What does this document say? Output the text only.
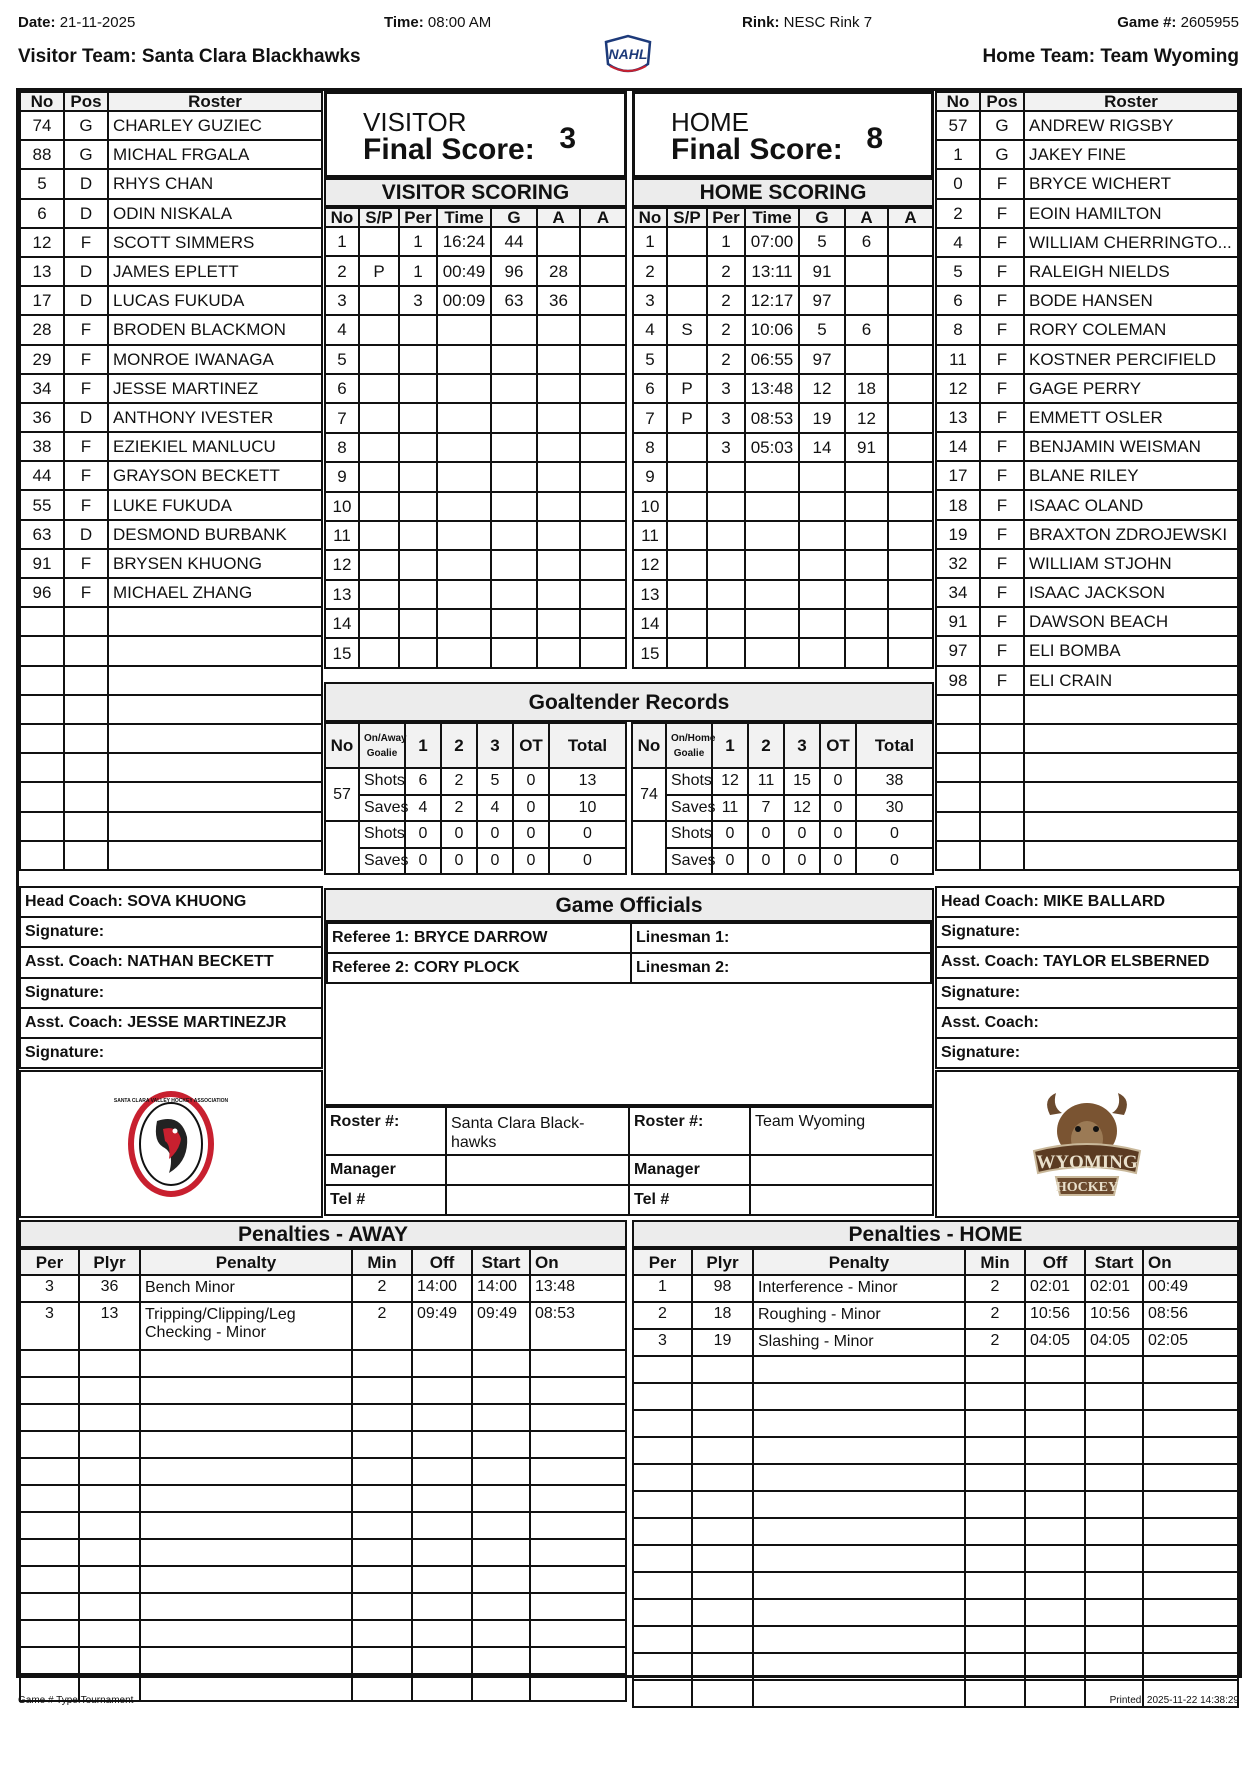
Date: 21-11-2025	Time: 08:00 AM	Rink: NESC Rink 7	Game #: 2605955
Visitor Team: Santa Clara Blackhawks	Home Team: Team Wyoming
NAHL
No	Pos	Roster
74	G	CHARLEY GUZIEC
88	G	MICHAL FRGALA
5	D	RHYS CHAN
6	D	ODIN NISKALA
12	F	SCOTT SIMMERS
13	D	JAMES EPLETT
17	D	LUCAS FUKUDA
28	F	BRODEN BLACKMON
29	F	MONROE IWANAGA
34	F	JESSE MARTINEZ
36	D	ANTHONY IVESTER
38	F	EZIEKIEL MANLUCU
44	F	GRAYSON BECKETT
55	F	LUKE FUKUDA
63	D	DESMOND BURBANK
91	F	BRYSEN KHUONG
96	F	MICHAEL ZHANG

No	Pos	Roster
57	G	ANDREW RIGSBY
1	G	JAKEY FINE
0	F	BRYCE WICHERT
2	F	EOIN HAMILTON
4	F	WILLIAM CHERRINGTO...
5	F	RALEIGH NIELDS
6	F	BODE HANSEN
8	F	RORY COLEMAN
11	F	KOSTNER PERCIFIELD
12	F	GAGE PERRY
13	F	EMMETT OSLER
14	F	BENJAMIN WEISMAN
17	F	BLANE RILEY
18	F	ISAAC OLAND
19	F	BRAXTON ZDROJEWSKI
32	F	WILLIAM STJOHN
34	F	ISAAC JACKSON
91	F	DAWSON BEACH
97	F	ELI BOMBA
98	F	ELI CRAIN

VISITOR
Final Score: 3	HOME
Final Score: 8
VISITOR SCORING
No	S/P	Per	Time	G	A	A
1		1	16:24	44		
2	P	1	00:49	96	28	
3		3	00:09	63	36	
4						
5						
6						
7						
8						
9						
10						
11						
12						
13						
14						
15						
HOME SCORING
No	S/P	Per	Time	G	A	A
1		1	07:00	5	6	
2		2	13:11	91		
3		2	12:17	97		
4	S	2	10:06	5	6	
5		2	06:55	97		
6	P	3	13:48	12	18	
7	P	3	08:53	19	12	
8		3	05:03	14	91	
9						
10						
11						
12						
13						
14						
15						
Goaltender Records
No	On/Away Goalie	1	2	3	OT	Total
57	Shots	6	2	5	0	13
	Saves	4	2	4	0	10
	Shots	0	0	0	0	0
	Saves	0	0	0	0	0
No	On/Home Goalie	1	2	3	OT	Total
74	Shots	12	11	15	0	38
	Saves	11	7	12	0	30
	Shots	0	0	0	0	0
	Saves	0	0	0	0	0
Head Coach: SOVA KHUONG
Signature:
Asst. Coach: NATHAN BECKETT
Signature:
Asst. Coach: JESSE MARTINEZJR
Signature:
Head Coach: MIKE BALLARD
Signature:
Asst. Coach: TAYLOR ELSBERNED
Signature:
Asst. Coach:
Signature:
Game Officials
Referee 1: BRYCE DARROW	Linesman 1:
Referee 2: CORY PLOCK	Linesman 2:
Roster #:	Santa Clara Black-hawks	Roster #:	Team Wyoming
Manager		Manager	
Tel #		Tel #	
SANTA CLARA VALLEY HOCKEY ASSOCIATION
WYOMING
HOCKEY
Penalties - AWAY
Per	Plyr	Penalty	Min	Off	Start	On
3	36	Bench Minor	2	14:00	14:00	13:48
3	13	Tripping/Clipping/Leg Checking - Minor	2	09:49	09:49	08:53

Penalties - HOME
Per	Plyr	Penalty	Min	Off	Start	On
1	98	Interference - Minor	2	02:01	02:01	00:49
2	18	Roughing - Minor	2	10:56	10:56	08:56
3	19	Slashing - Minor	2	04:05	04:05	02:05

Game # Type:Tournament	Printed: 2025-11-22 14:38:29
